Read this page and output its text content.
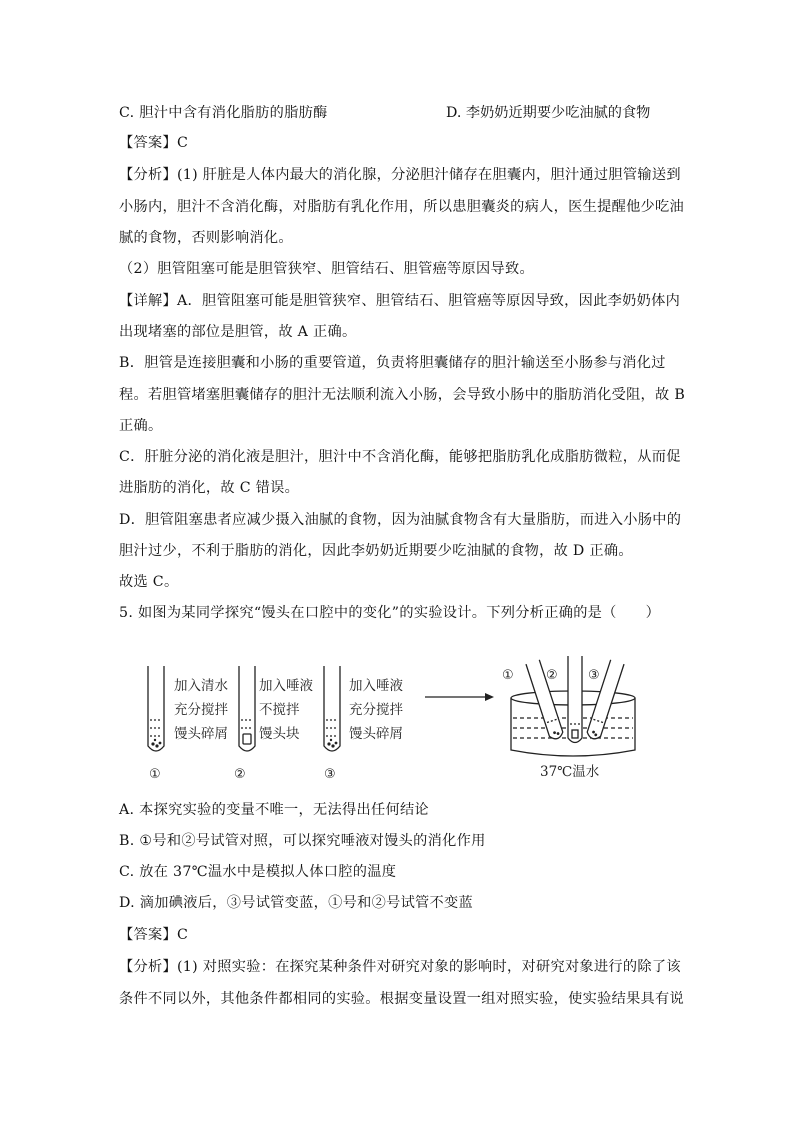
C. 胆汁中含有消化脂肪的脂肪酶	D. 李奶奶近期要少吃油腻的食物
【答案】C
【分析】(1) 肝脏是人体内最大的消化腺，分泌胆汁储存在胆囊内，胆汁通过胆管输送到
小肠内，胆汁不含消化酶，对脂肪有乳化作用，所以患胆囊炎的病人，医生提醒他少吃油
腻的食物，否则影响消化。
（2）胆管阻塞可能是胆管狭窄、胆管结石、胆管癌等原因导致。
【详解】A．胆管阻塞可能是胆管狭窄、胆管结石、胆管癌等原因导致，因此李奶奶体内
出现堵塞的部位是胆管，故 A 正确。
B．胆管是连接胆囊和小肠的重要管道，负责将胆囊储存的胆汁输送至小肠参与消化过
程。若胆管堵塞胆囊储存的胆汁无法顺利流入小肠，会导致小肠中的脂肪消化受阻，故 B
正确。
C．肝脏分泌的消化液是胆汁，胆汁中不含消化酶，能够把脂肪乳化成脂肪微粒，从而促
进脂肪的消化，故 C 错误。
D．胆管阻塞患者应减少摄入油腻的食物，因为油腻食物含有大量脂肪，而进入小肠中的
胆汁过少，不利于脂肪的消化，因此李奶奶近期要少吃油腻的食物，故 D 正确。
故选 C。
5. 如图为某同学探究“馒头在口腔中的变化”的实验设计。下列分析正确的是（　　）
加入清水
充分搅拌
馒头碎屑
①
加入唾液
不搅拌
馒头块
②
加入唾液
充分搅拌
馒头碎屑
③
① ② ③
37℃温水
A. 本探究实验的变量不唯一，无法得出任何结论
B. ①号和②号试管对照，可以探究唾液对馒头的消化作用
C. 放在 37℃温水中是模拟人体口腔的温度
D. 滴加碘液后，③号试管变蓝，①号和②号试管不变蓝
【答案】C
【分析】(1) 对照实验：在探究某种条件对研究对象的影响时，对研究对象进行的除了该
条件不同以外，其他条件都相同的实验。根据变量设置一组对照实验，使实验结果具有说
